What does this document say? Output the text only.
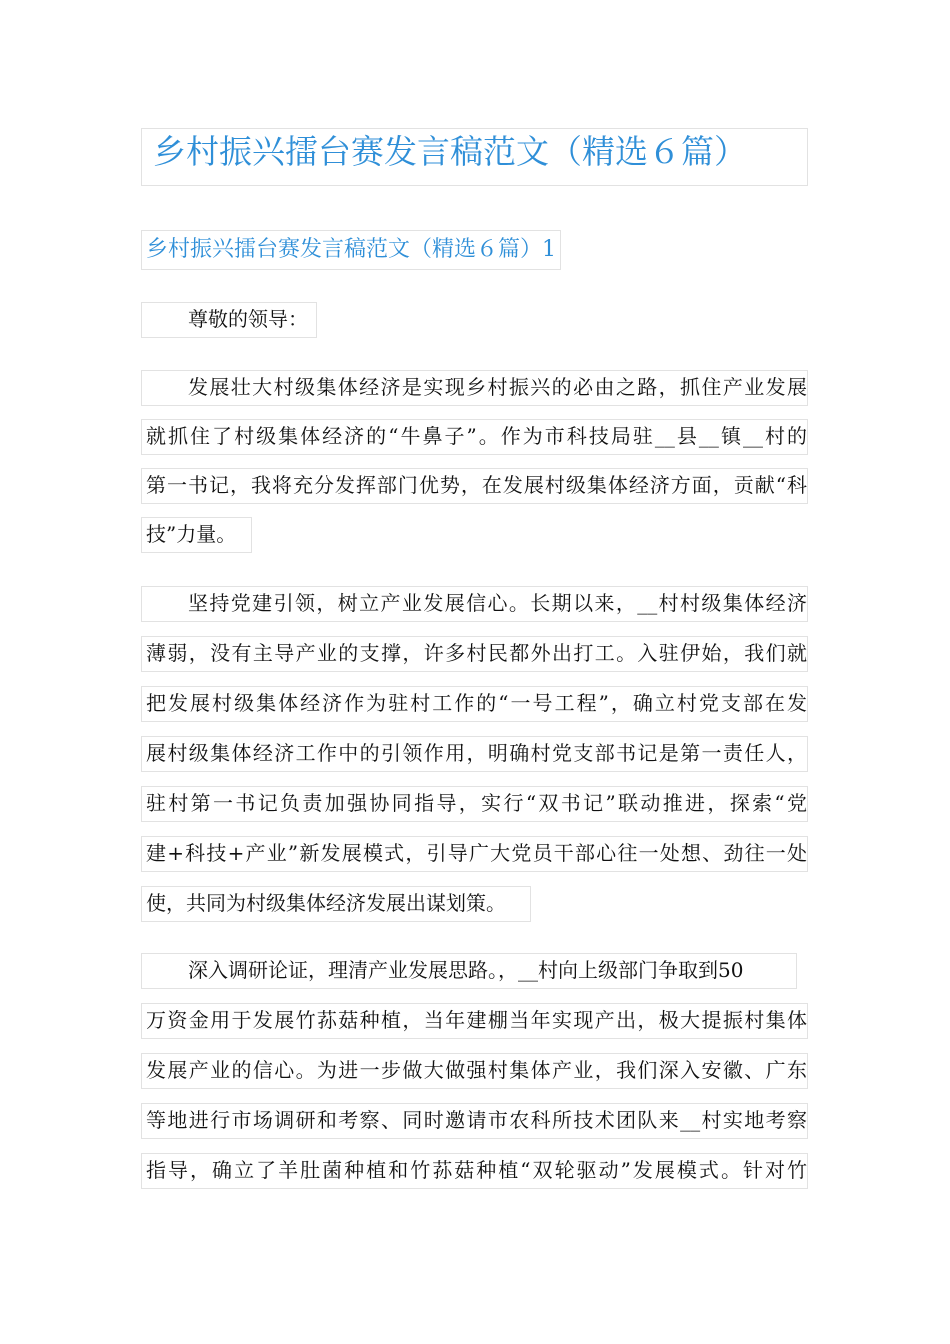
乡村振兴擂台赛发言稿范文（精选６篇）
乡村振兴擂台赛发言稿范文（精选６篇）1
尊敬的领导：
发展壮大村级集体经济是实现乡村振兴的必由之路，抓住产业发展
就抓住了村级集体经济的“牛鼻子”。作为市科技局驻__县__镇__村的
第一书记，我将充分发挥部门优势，在发展村级集体经济方面，贡献“科
技”力量。
坚持党建引领，树立产业发展信心。长期以来，__村村级集体经济
薄弱，没有主导产业的支撑，许多村民都外出打工。入驻伊始，我们就
把发展村级集体经济作为驻村工作的“一号工程”，确立村党支部在发
展村级集体经济工作中的引领作用，明确村党支部书记是第一责任人，
驻村第一书记负责加强协同指导，实行“双书记”联动推进，探索“党
建+科技+产业”新发展模式，引导广大党员干部心往一处想、劲往一处
使，共同为村级集体经济发展出谋划策。
深入调研论证，理清产业发展思路。，__村向上级部门争取到50
万资金用于发展竹荪菇种植，当年建棚当年实现产出，极大提振村集体
发展产业的信心。为进一步做大做强村集体产业，我们深入安徽、广东
等地进行市场调研和考察、同时邀请市农科所技术团队来__村实地考察
指导，确立了羊肚菌种植和竹荪菇种植“双轮驱动”发展模式。针对竹
